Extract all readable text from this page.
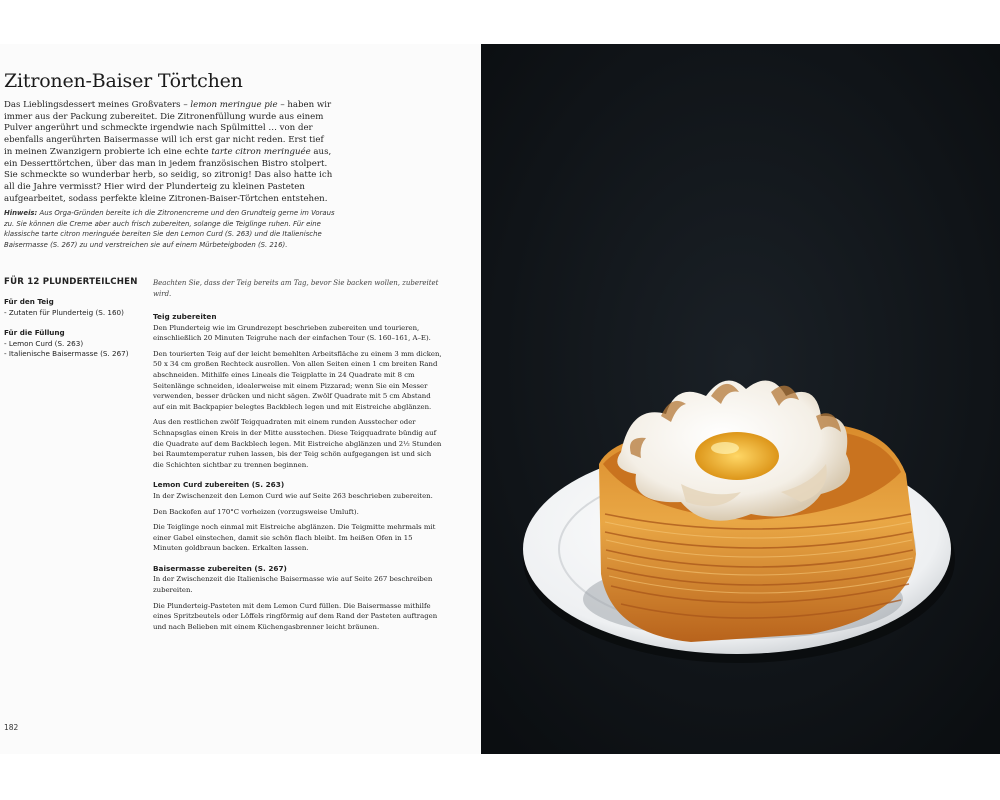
Zitronen-Baiser Törtchen

Das Lieblingsdessert meines Großvaters – lemon meringue pie – haben wir immer aus der Packung zubereitet. Die Zitronenfüllung wurde aus einem Pulver angerührt und schmeckte irgendwie nach Spülmittel … von der ebenfalls angerührten Baisermasse will ich erst gar nicht reden. Erst tief in meinen Zwanzigern probierte ich eine echte tarte citron meringuée aus, ein Desserttörtchen, über das man in jedem französischen Bistro stolpert. Sie schmeckte so wunderbar herb, so seidig, so zitronig! Das also hatte ich all die Jahre vermisst? Hier wird der Plunderteig zu kleinen Pasteten aufgearbeitet, sodass perfekte kleine Zitronen-Baiser-Törtchen entstehen.

Hinweis: Aus Orga-Gründen bereite ich die Zitronencreme und den Grundteig gerne im Voraus zu. Sie können die Creme aber auch frisch zubereiten, solange die Teiglinge ruhen. Für eine klassische tarte citron meringuée bereiten Sie den Lemon Curd (S. 263) und die Italienische Baisermasse (S. 267) zu und verstreichen sie auf einem Mürbeteigboden (S. 216).

FÜR 12 PLUNDERTEILCHEN

Für den Teig

- Zutaten für Plunderteig (S. 160)

Für die Füllung

- Lemon Curd (S. 263)

- Italienische Baisermasse (S. 267)

Beachten Sie, dass der Teig bereits am Tag, bevor Sie backen wollen, zubereitet wird.

Teig zubereiten

Den Plunderteig wie im Grundrezept beschrieben zubereiten und tourieren, einschließlich 20 Minuten Teigruhe nach der einfachen Tour (S. 160–161, A–E).

Den tourierten Teig auf der leicht bemehlten Arbeitsfläche zu einem 3 mm dicken, 50 x 34 cm großen Rechteck ausrollen. Von allen Seiten einen 1 cm breiten Rand abschneiden. Mithilfe eines Lineals die Teigplatte in 24 Quadrate mit 8 cm Seitenlänge schneiden, idealerweise mit einem Pizzarad; wenn Sie ein Messer verwenden, besser drücken und nicht sägen. Zwölf Quadrate mit 5 cm Abstand auf ein mit Backpapier belegtes Backblech legen und mit Eistreiche abglänzen.

Aus den restlichen zwölf Teigquadraten mit einem runden Ausstecher oder Schnapsglas einen Kreis in der Mitte ausstechen. Diese Teigquadrate bündig auf die Quadrate auf dem Backblech legen. Mit Eistreiche abglänzen und 2½ Stunden bei Raumtemperatur ruhen lassen, bis der Teig schön aufgegangen ist und sich die Schichten sichtbar zu trennen beginnen.

Lemon Curd zubereiten (S. 263)

In der Zwischenzeit den Lemon Curd wie auf Seite 263 beschrieben zubereiten.

Den Backofen auf 170°C vorheizen (vorzugsweise Umluft).

Die Teiglinge noch einmal mit Eistreiche abglänzen. Die Teigmitte mehrmals mit einer Gabel einstechen, damit sie schön flach bleibt. Im heißen Ofen in 15 Minuten goldbraun backen. Erkalten lassen.

Baisermasse zubereiten (S. 267)

In der Zwischenzeit die Italienische Baisermasse wie auf Seite 267 beschreiben zubereiten.

Die Plunderteig-Pasteten mit dem Lemon Curd füllen. Die Baisermasse mithilfe eines Spritzbeutels oder Löffels ringförmig auf dem Rand der Pasteten auftragen und nach Belieben mit einem Küchengasbrenner leicht bräunen.

182
